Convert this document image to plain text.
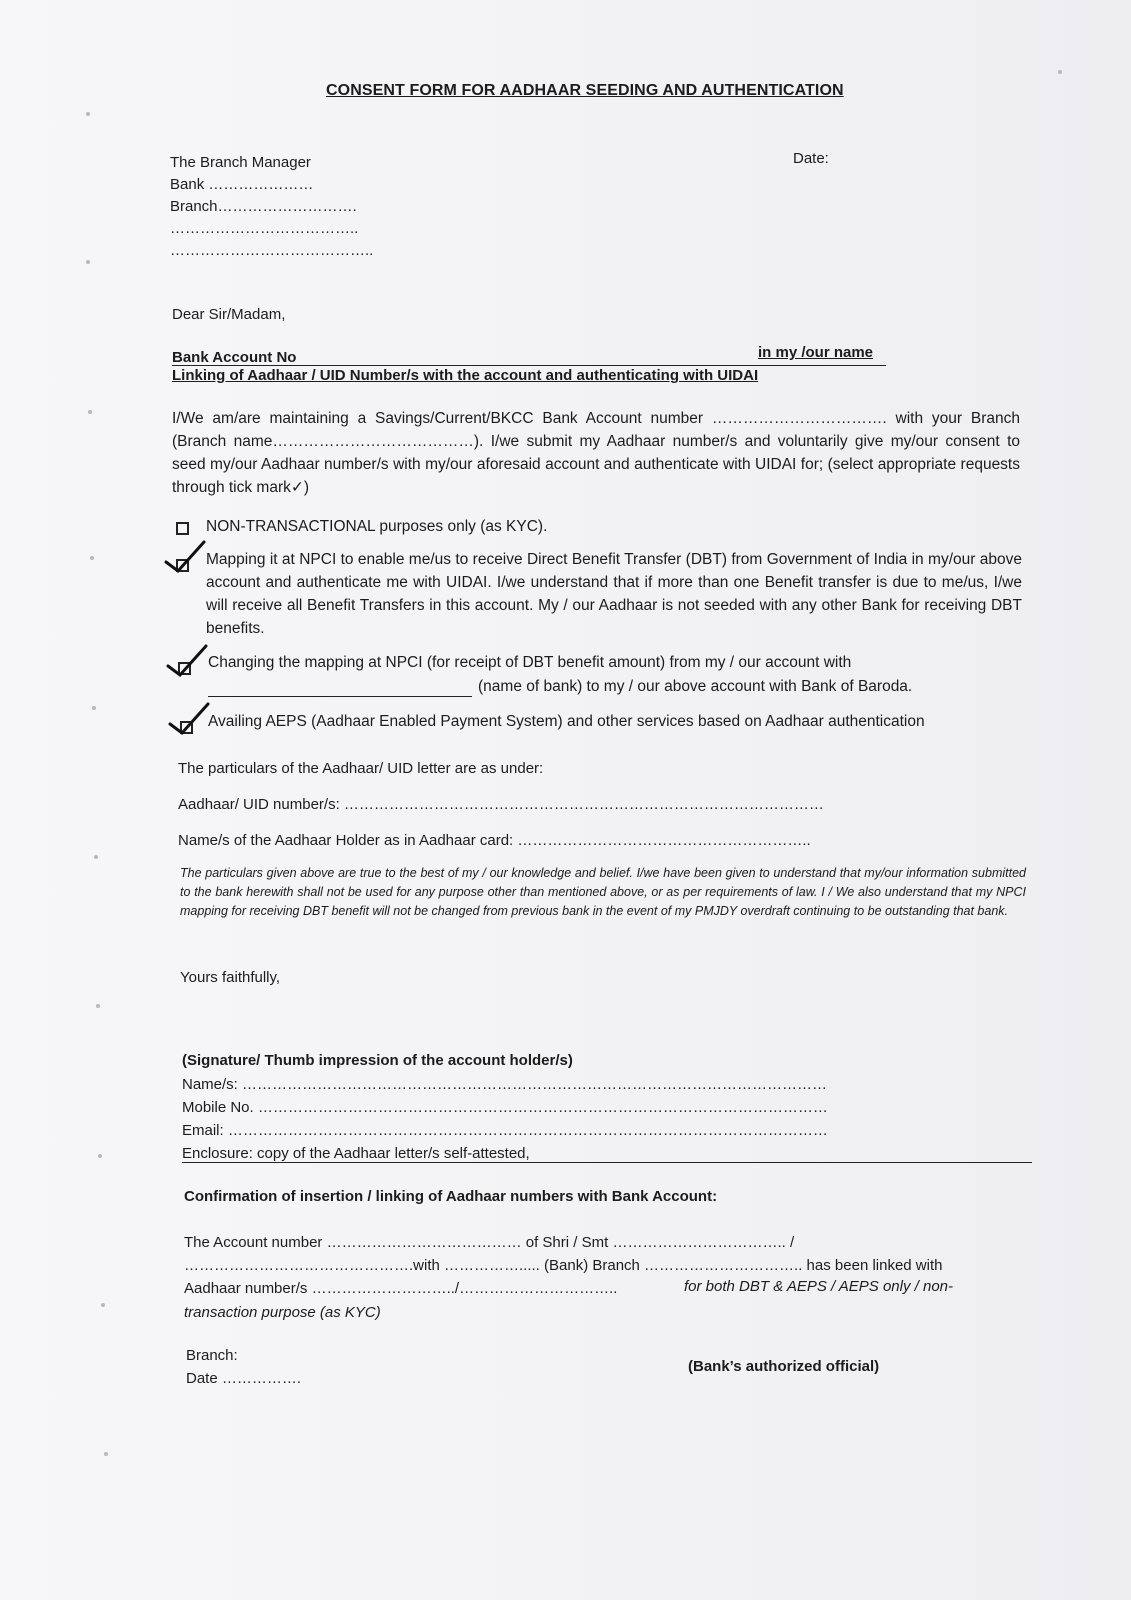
CONSENT FORM FOR AADHAAR SEEDING AND AUTHENTICATION
The Branch Manager
Bank …………………
Branch……………………….
………………………………..
…………………………………..
Date:
Dear Sir/Madam,
Bank Account No	in my /our name
Linking of Aadhaar / UID Number/s with the account and authenticating with UIDAI
I/We am/are maintaining a Savings/Current/BKCC Bank Account number ……………………………. with your Branch (Branch name…………………………………). I/we submit my Aadhaar number/s and voluntarily give my/our consent to seed my/our Aadhaar number/s with my/our aforesaid account and authenticate with UIDAI for; (select appropriate requests through tick mark✓)
NON-TRANSACTIONAL purposes only (as KYC).
Mapping it at NPCI to enable me/us to receive Direct Benefit Transfer (DBT) from Government of India in my/our above account and authenticate me with UIDAI. I/we understand that if more than one Benefit transfer is due to me/us, I/we will receive all Benefit Transfers in this account. My / our Aadhaar is not seeded with any other Bank for receiving DBT benefits.
Changing the mapping at NPCI (for receipt of DBT benefit amount) from my / our account with
(name of bank) to my / our above account with Bank of Baroda.
Availing AEPS (Aadhaar Enabled Payment System) and other services based on Aadhaar authentication
The particulars of the Aadhaar/ UID letter are as under:
Aadhaar/ UID number/s: ……………………………………………………………………………………
Name/s of the Aadhaar Holder as in Aadhaar card: …………………………………………………..
The particulars given above are true to the best of my / our knowledge and belief. I/we have been given to understand that my/our information submitted to the bank herewith shall not be used for any purpose other than mentioned above, or as per requirements of law. I / We also understand that my NPCI mapping for receiving DBT benefit will not be changed from previous bank in the event of my PMJDY overdraft continuing to be outstanding that bank.
Yours faithfully,
(Signature/ Thumb impression of the account holder/s)
Name/s: ………………………………………………………………………………………………………
Mobile No. ……………………………………………………………………………………………………
Email: …………………………………………………………………………………………………………
Enclosure: copy of the Aadhaar letter/s self-attested,
Confirmation of insertion / linking of Aadhaar numbers with Bank Account:
The Account number ………………………………… of Shri / Smt …………………………….. /
……………………………………….with ……………..... (Bank) Branch ………………………….. has been linked with
Aadhaar number/s ………………………../…………………………..	for both DBT & AEPS / AEPS only / non-
transaction purpose (as KYC)
Branch:
Date …………….
(Bank’s authorized official)
